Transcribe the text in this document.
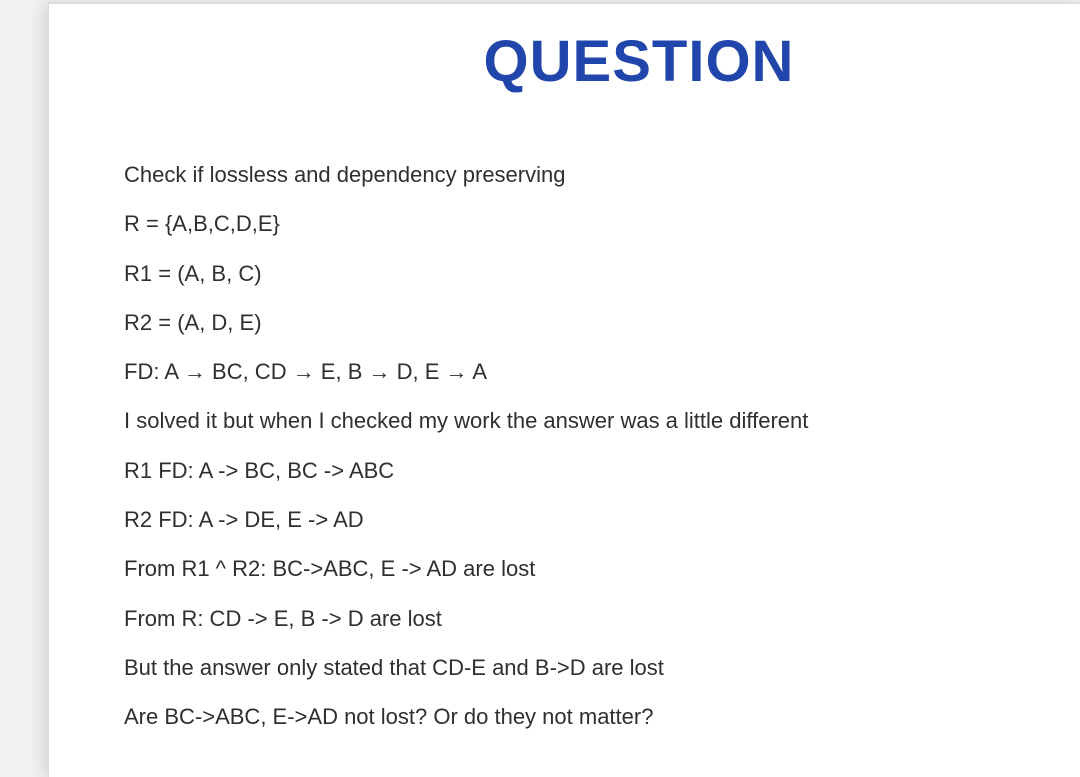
QUESTION

Check if lossless and dependency preserving

R = {A,B,C,D,E}

R1 = (A, B, C)

R2 = (A, D, E)

FD: A → BC, CD → E, B → D, E → A

I solved it but when I checked my work the answer was a little different

R1 FD: A -> BC, BC -> ABC

R2 FD: A -> DE, E -> AD

From R1 ^ R2: BC->ABC, E -> AD are lost

From R: CD -> E, B -> D are lost

But the answer only stated that CD-E and B->D are lost

Are BC->ABC, E->AD not lost? Or do they not matter?
